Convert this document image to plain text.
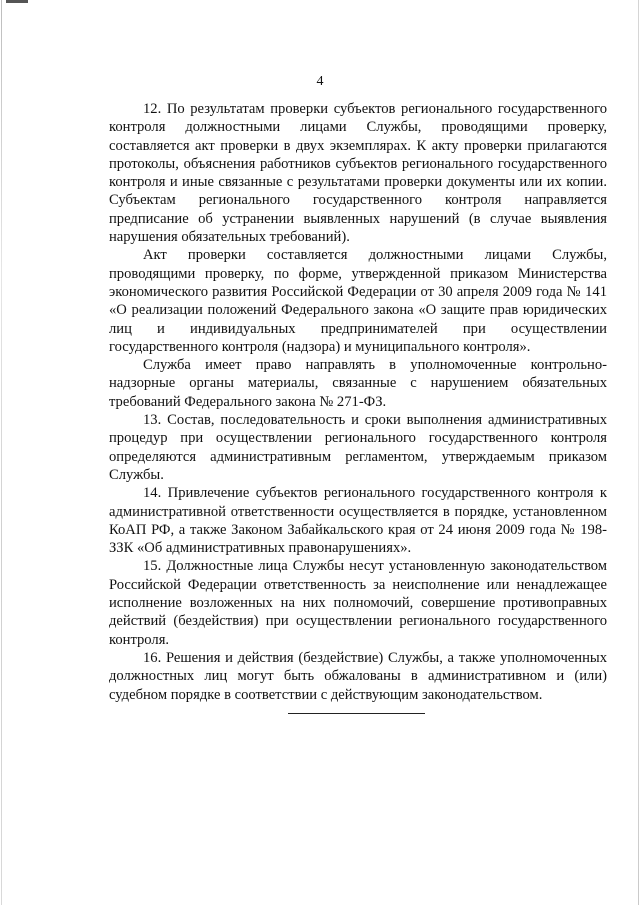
4

12. По результатам проверки субъектов регионального государственного контроля должностными лицами Службы, проводящими проверку, составляется акт проверки в двух экземплярах. К акту проверки прилагаются протоколы, объяснения работников субъектов регионального государственного контроля и иные связанные с результатами проверки документы или их копии. Субъектам регионального государственного контроля направляется предписание об устранении выявленных нарушений (в случае выявления нарушения обязательных требований).

Акт проверки составляется должностными лицами Службы, проводящими проверку, по форме, утвержденной приказом Министерства экономического развития Российской Федерации от 30 апреля 2009 года № 141 «О реализации положений Федерального закона «О защите прав юридических лиц и индивидуальных предпринимателей при осуществлении государственного контроля (надзора) и муниципального контроля».

Служба имеет право направлять в уполномоченные контрольно-надзорные органы материалы, связанные с нарушением обязательных требований Федерального закона № 271-ФЗ.

13. Состав, последовательность и сроки выполнения административных процедур при осуществлении регионального государственного контроля определяются административным регламентом, утверждаемым приказом Службы.

14. Привлечение субъектов регионального государственного контроля к административной ответственности осуществляется в порядке, установленном КоАП РФ, а также Законом Забайкальского края от 24 июня 2009 года № 198-ЗЗК «Об административных правонарушениях».

15. Должностные лица Службы несут установленную законодательством Российской Федерации ответственность за неисполнение или ненадлежащее исполнение возложенных на них полномочий, совершение противоправных действий (бездействия) при осуществлении регионального государственного контроля.

16. Решения и действия (бездействие) Службы, а также уполномоченных должностных лиц могут быть обжалованы в административном и (или) судебном порядке в соответствии с действующим законодательством.
